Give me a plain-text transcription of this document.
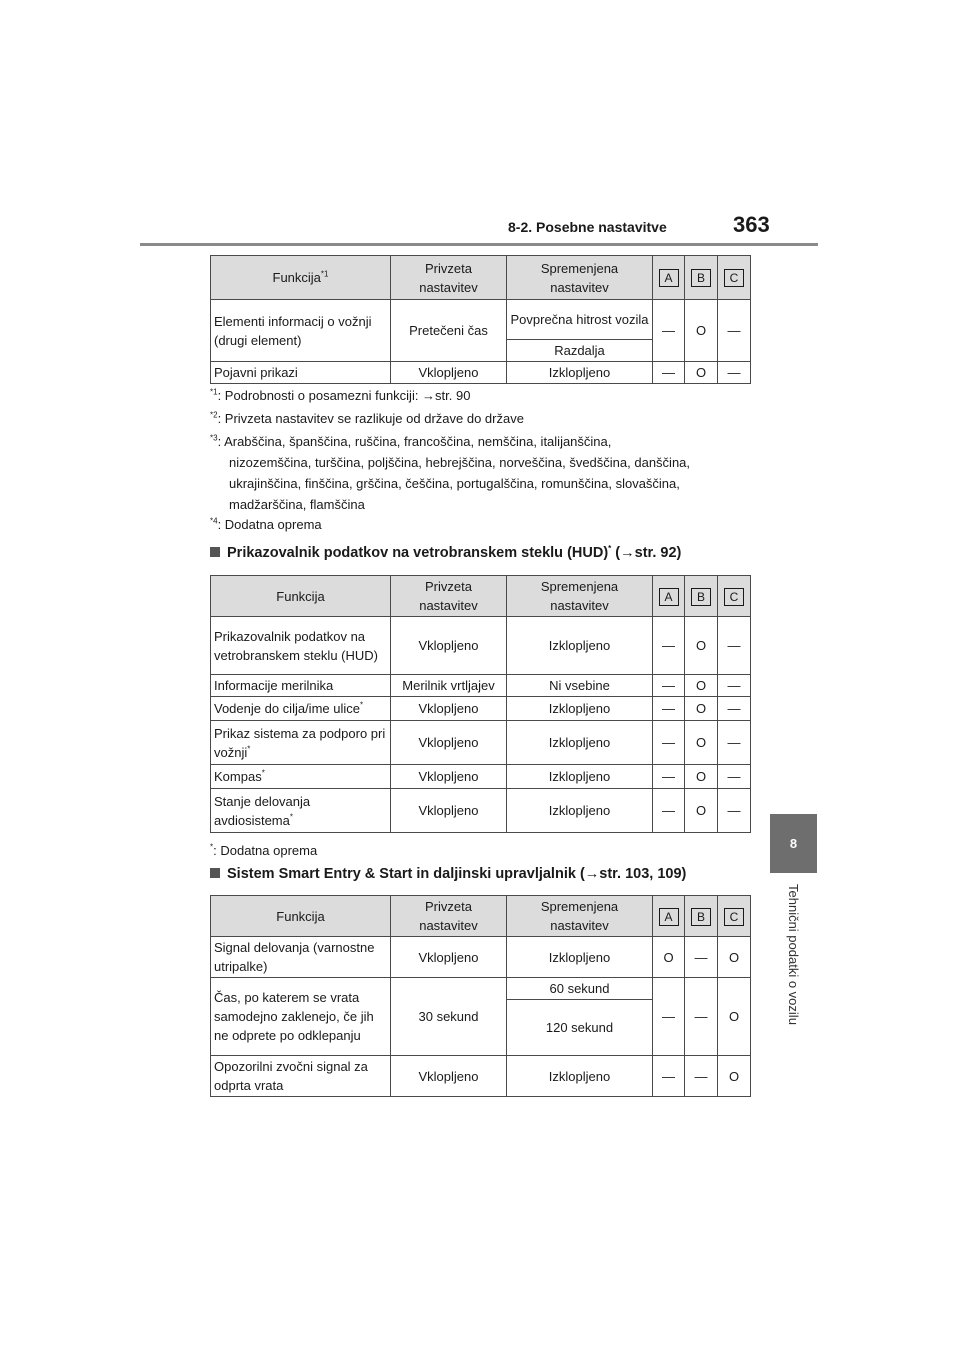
8-2. Posebne nastavitve	363
8
Tehnični podatki o vozilu
Funkcija$^{*1}$	Privzeta nastavitev	Spremenjena nastavitev	A	B	C
Elementi informacij o vožnji (drugi element)	Pretečeni čas	Povprečna hitrost vozila	—	O	—
		Razdalja			
Pojavni prikazi	Vklopljeno	Izklopljeno	—	O	—
$^{*1}$: Podrobnosti o posamezni funkciji: →str. 90
$^{*2}$: Privzeta nastavitev se razlikuje od države do države
$^{*3}$: Arabščina, španščina, ruščina, francoščina, nemščina, italijanščina,
nizozemščina, turščina, poljščina, hebrejščina, norveščina, švedščina, danščina,
ukrajinščina, finščina, grščina, češčina, portugalščina, romunščina, slovaščina,
madžarščina, flamščina
$^{*4}$: Dodatna oprema
Prikazovalnik podatkov na vetrobranskem steklu (HUD)* (→str. 92)
Funkcija	Privzeta nastavitev	Spremenjena nastavitev	A	B	C
Prikazovalnik podatkov na vetrobranskem steklu (HUD)	Vklopljeno	Izklopljeno	—	O	—
Informacije merilnika	Merilnik vrtljajev	Ni vsebine	—	O	—
Vodenje do cilja/ime ulice*	Vklopljeno	Izklopljeno	—	O	—
Prikaz sistema za podporo pri vožnji*	Vklopljeno	Izklopljeno	—	O	—
Kompas*	Vklopljeno	Izklopljeno	—	O	—
Stanje delovanja avdiosistema*	Vklopljeno	Izklopljeno	—	O	—
*: Dodatna oprema
Sistem Smart Entry & Start in daljinski upravljalnik (→str. 103, 109)
Funkcija	Privzeta nastavitev	Spremenjena nastavitev	A	B	C
Signal delovanja (varnostne utripalke)	Vklopljeno	Izklopljeno	O	—	O
Čas, po katerem se vrata samodejno zaklenejo, če jih ne odprete po odklepanju	30 sekund	60 sekund	—	—	O
		120 sekund			
Opozorilni zvočni signal za odprta vrata	Vklopljeno	Izklopljeno	—	—	O
